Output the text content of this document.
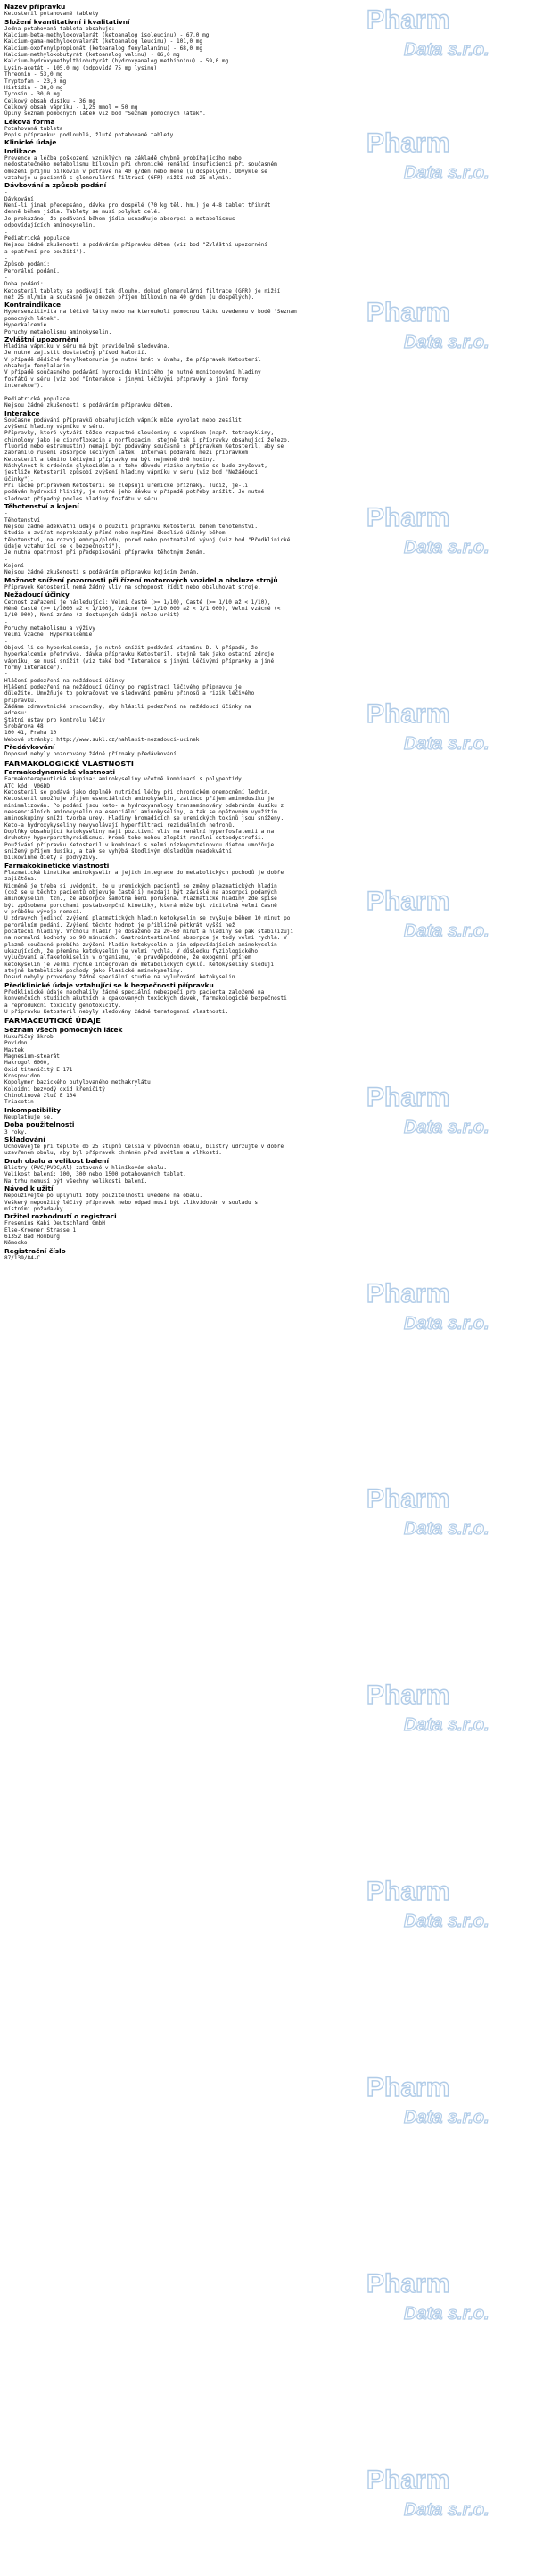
Pharm
Data s.r.o.
Pharm
Data s.r.o.
Pharm
Data s.r.o.
Pharm
Data s.r.o.
Pharm
Data s.r.o.
Pharm
Data s.r.o.
Pharm
Data s.r.o.
Pharm
Data s.r.o.
Pharm
Data s.r.o.
Pharm
Data s.r.o.
Pharm
Data s.r.o.
Pharm
Data s.r.o.
Pharm
Data s.r.o.
Pharm
Data s.r.o.
Název přípravku
Ketosteril potahované tablety
Složení kvantitativní i kvalitativní
Jedna potahovaná tableta obsahuje:
Kalcium-beta-methyloxovalerát (ketoanalog isoleucinu) - 67,0 mg
Kalcium-gama-methyloxovalerát (ketoanalog leucinu) - 101,0 mg
Kalcium-oxofenylpropionát (ketoanalog fenylalaninu) - 68,0 mg
Kalcium-methyloxobutyrát (ketoanalog valinu) - 86,0 mg
Kalcium-hydroxymethylthiobutyrát (hydroxyanalog methioninu) - 59,0 mg
Lysin-acetát - 105,0 mg (odpovídá 75 mg lysinu)
Threonin - 53,0 mg
Tryptofan - 23,0 mg
Histidin - 38,0 mg
Tyrosin - 30,0 mg
Celkový obsah dusíku - 36 mg
Celkový obsah vápníku - 1,25 mmol = 50 mg
Úplný seznam pomocných látek viz bod "Seznam pomocných látek".
Léková forma
Potahovaná tableta
Popis přípravku: podlouhlé, žluté potahované tablety
Klinické údaje
Indikace
Prevence a léčba poškození vzniklých na základě chybně probíhajícího nebo
nedostatečného metabolismu bílkovin při chronické renální insuficienci při současném
omezení příjmu bílkovin v potravě na 40 g/den nebo méně (u dospělých). Obvykle se
vztahuje u pacientů s glomerulární filtrací (GFR) nižší než 25 ml/min.
Dávkování a způsob podání
-
Dávkování
Není-li jinak předepsáno, dávka pro dospělé (70 kg těl. hm.) je 4-8 tablet třikrát
denně během jídla. Tablety se musí polykat celé.
Je prokázáno, že podávání během jídla usnadňuje absorpci a metabolismus
odpovídajících aminokyselin.
-
Pediatrická populace
Nejsou žádné zkušenosti s podáváním přípravku dětem (viz bod "Zvláštní upozornění
a opatření pro použití").
-
Způsob podání:
Perorální podání.
-
Doba podání:
Ketosteril tablety se podávají tak dlouho, dokud glomerulární filtrace (GFR) je nižší
než 25 ml/min a současně je omezen příjem bílkovin na 40 g/den (u dospělých).
Kontraindikace
Hypersenzitivita na léčivé látky nebo na kteroukoli pomocnou látku uvedenou v bodě "Seznam
pomocných látek".
Hyperkalcemie
Poruchy metabolismu aminokyselin.
Zvláštní upozornění
Hladina vápníku v séru má být pravidelně sledována.
Je nutné zajistit dostatečný přívod kalorií.
V případě dědičné fenylketonurie je nutné brát v úvahu, že přípravek Ketosteril
obsahuje fenylalanin.
V případě současného podávání hydroxidu hlinitého je nutné monitorování hladiny
fosfátů v séru (viz bod "Interakce s jinými léčivými přípravky a jiné formy
interakce").
-
Pediatrická populace
Nejsou žádné zkušenosti s podáváním přípravku dětem.
Interakce
Současné podávání přípravků obsahujících vápník může vyvolat nebo zesílit
zvýšení hladiny vápníku v séru.
Přípravky, které vytváří těžce rozpustné sloučeniny s vápníkem (např. tetracykliny,
chinolony jako je ciprofloxacin a norfloxacin, stejně tak i přípravky obsahující železo,
fluorid nebo estramustin) nemají být podávány současně s přípravkem Ketosteril, aby se
zabránilo rušení absorpce léčivých látek. Interval podávání mezi přípravkem
Ketosteril a těmito léčivými přípravky má být nejméně dvě hodiny.
Náchylnost k srdečním glykosidům a z toho důvodu riziko arytmie se bude zvyšovat,
jestliže Ketosteril způsobí zvýšení hladiny vápníku v séru (viz bod "Nežádoucí
účinky").
Při léčbě přípravkem Ketosteril se zlepšují uremické příznaky. Tudíž, je-li
podáván hydroxid hlinitý, je nutné jeho dávku v případě potřeby snížit. Je nutné
sledovat případný pokles hladiny fosfátu v séru.
Těhotenství a kojení
-
Těhotenství
Nejsou žádné adekvátní údaje o použití přípravku Ketosteril během těhotenství.
Studie u zvířat neprokázaly přímé nebo nepřímé škodlivé účinky během
těhotenství, na rozvoj embrya/plodu, porod nebo postnatální vývoj (viz bod "Předklinické
údaje vztahující se k bezpečnosti").
Je nutná opatrnost při předepisování přípravku těhotným ženám.
-
Kojení
Nejsou žádné zkušenosti s podáváním přípravku kojícím ženám.
Možnost snížení pozornosti při řízení motorových vozidel a obsluze strojů
Přípravek Ketosteril nemá žádný vliv na schopnost řídit nebo obsluhovat stroje.
Nežádoucí účinky
Četnost zařazení je následující: Velmi časté (>= 1/10), Časté (>= 1/10 až < 1/10),
Méně časté (>= 1/1000 až < 1/100), Vzácné (>= 1/10 000 až < 1/1 000), Velmi vzácné (<
1/10 000), Není známo (z dostupných údajů nelze určit)
-
Poruchy metabolismu a výživy
Velmi vzácné: Hyperkalcemie
-
Objeví-li se hyperkalcemie, je nutné snížit podávání vitaminu D. V případě, že
hyperkalcemie přetrvává, dávka přípravku Ketosteril, stejně tak jako ostatní zdroje
vápníku, se musí snížit (viz také bod "Interakce s jinými léčivými přípravky a jiné
formy interakce").
-
Hlášení podezření na nežádoucí účinky
Hlášení podezření na nežádoucí účinky po registraci léčivého přípravku je
důležité. Umožňuje to pokračovat ve sledování poměru přínosů a rizik léčivého
přípravku.
Žádáme zdravotnické pracovníky, aby hlásili podezření na nežádoucí účinky na
adresu:
Státní ústav pro kontrolu léčiv
Šrobárova 48
100 41, Praha 10
Webové stránky: http://www.sukl.cz/nahlasit-nezadouci-ucinek
Předávkování
Doposud nebyly pozorovány žádné příznaky předávkování.
FARMAKOLOGICKÉ VLASTNOSTI
Farmakodynamické vlastnosti
Farmakoterapeutická skupina: aminokyseliny včetně kombinací s polypeptidy
ATC kód: V06DD
Ketosteril se podává jako doplněk nutriční léčby při chronickém onemocnění ledvin.
Ketosteril umožňuje příjem esenciálních aminokyselin, zatímco příjem aminodusíku je
minimalizován. Po podání jsou keto- a hydroxyanalogy transaminovány odebráním dusíku z
neesenciálních aminokyselin na esenciální aminokyseliny, a tak se opětovným využitím
aminoskupiny sníží tvorba urey. Hladiny hromadících se uremických toxinů jsou sníženy.
Keto-a hydroxykyseliny nevyvolávají hyperfiltraci reziduálních nefronů.
Doplňky obsahující ketokyseliny mají pozitivní vliv na renální hyperfosfatemii a na
druhotný hyperparathyroidismus. Kromě toho mohou zlepšit renální osteodystrofii.
Používání přípravku Ketosteril v kombinaci s velmi nízkoproteinovou dietou umožňuje
snížený příjem dusíku, a tak se vyhýbá škodlivým důsledkům neadekvátní
bílkovinné diety a podvýživy.
Farmakokinetické vlastnosti
Plazmatická kinetika aminokyselin a jejich integrace do metabolických pochodů je dobře
zajištěna.
Nicméně je třeba si uvědomit, že u uremických pacientů se změny plazmatických hladin
(což se u těchto pacientů objevuje častěji) nezdají být závislé na absorpci podaných
aminokyselin, tzn., že absorpce samotná není porušena. Plazmatické hladiny zde spíše
být způsobena poruchami postabsorpční kinetiky, která může být viditelná velmi časně
v průběhu vývoje nemoci.
U zdravých jedinců zvýšení plazmatických hladin ketokyselin se zvyšuje během 10 minut po
perorálním podání. Zvýšení těchto hodnot je přibližně pětkrát vyšší než
počáteční hladiny. Vrcholu hladin je dosaženo za 20-60 minut a hladiny se pak stabilizují
na normální hodnoty po 90 minutách. Gastrointestinální absorpce je tedy velmi rychlá. V
plazmě současné probíhá zvýšení hladin ketokyselin a jim odpovídajících aminokyselin
ukazujících, že přeměna ketokyselin je velmi rychlá. V důsledku fyziologického
vylučování alfaketokiselin v organismu, je pravděpodobné, že exogenní příjem
ketokyselin je velmi rychle integrován do metabolických cyklů. Ketokyseliny sledují
stejné katabolické pochody jako klasické aminokyseliny.
Dosud nebyly provedeny žádné speciální studie na vylučování ketokyselin.
Předklinické údaje vztahující se k bezpečnosti přípravku
Předklinické údaje neodhalily žádné speciální nebezpečí pro pacienta založené na
konvenčních studiích akutních a opakovaných toxických dávek, farmakologické bezpečnosti
a reprodukční toxicity genotoxicity.
U přípravku Ketosteril nebyly sledovány žádné teratogenní vlastnosti.
FARMACEUTICKÉ ÚDAJE
Seznam všech pomocných látek
Kukuřičný škrob
Povidon
Mastek
Magnesium-stearát
Makrogol 6000,
Oxid titaničitý E 171
Krospovidon
Kopolymer bazického butylovaného methakrylátu
Koloidní bezvodý oxid křemičitý
Chinolinová žluť E 104
Triacetin
Inkompatibility
Neuplatňuje se.
Doba použitelnosti
3 roky.
Skladování
Uchovávejte při teplotě do 25 stupňů Celsia v původním obalu, blistry udržujte v dobře
uzavřeném obalu, aby byl přípravek chráněn před světlem a vlhkostí.
Druh obalu a velikost balení
Blistry (PVC/PVDC/Al) zatavené v hliníkovém obalu.
Velikost balení: 100, 300 nebo 1500 potahovaných tablet.
Na trhu nemusí být všechny velikosti balení.
Návod k užití
Nepoužívejte po uplynutí doby použitelnosti uvedené na obalu.
Veškerý nepoužitý léčivý přípravek nebo odpad musí být zlikvidován v souladu s
místními požadavky.
Držitel rozhodnutí o registraci
Fresenius Kabi Deutschland GmbH
Else-Kroener Strasse 1
61352 Bad Homburg
Německo
Registrační číslo
87/139/84-C
